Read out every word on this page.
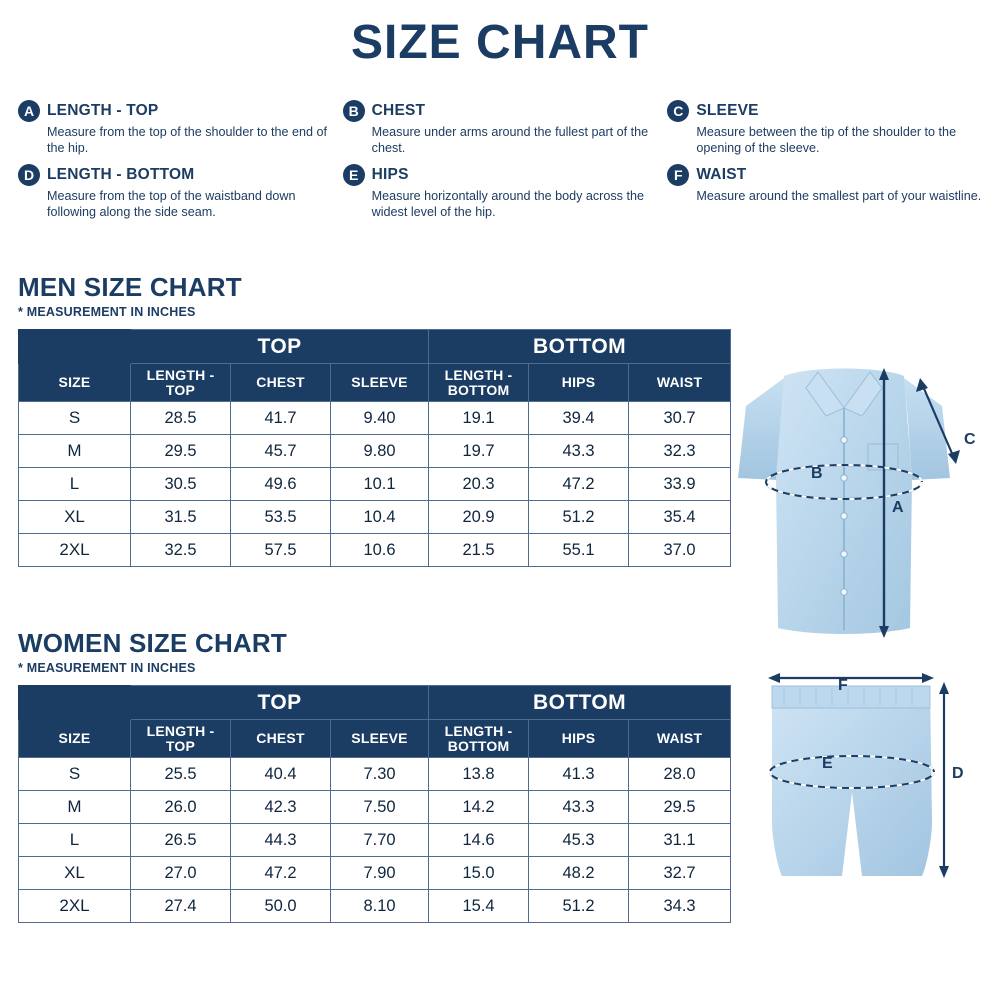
SIZE CHART
A LENGTH - TOP
Measure from the top of the shoulder to the end of the hip.
B CHEST
Measure under arms around the fullest part of the chest.
C SLEEVE
Measure between the tip of the shoulder to the opening of the sleeve.
D LENGTH - BOTTOM
Measure from the top of the waistband down following along the side seam.
E HIPS
Measure horizontally around the body across the widest level of the hip.
F WAIST
Measure around the smallest part of your waistline.
MEN SIZE CHART
* MEASUREMENT IN INCHES
	TOP			BOTTOM		
SIZE	LENGTH - TOP	CHEST	SLEEVE	LENGTH - BOTTOM	HIPS	WAIST
S	28.5	41.7	9.40	19.1	39.4	30.7
M	29.5	45.7	9.80	19.7	43.3	32.3
L	30.5	49.6	10.1	20.3	47.2	33.9
XL	31.5	53.5	10.4	20.9	51.2	35.4
2XL	32.5	57.5	10.6	21.5	55.1	37.0
WOMEN SIZE CHART
* MEASUREMENT IN INCHES
	TOP			BOTTOM		
SIZE	LENGTH - TOP	CHEST	SLEEVE	LENGTH - BOTTOM	HIPS	WAIST
S	25.5	40.4	7.30	13.8	41.3	28.0
M	26.0	42.3	7.50	14.2	43.3	29.5
L	26.5	44.3	7.70	14.6	45.3	31.1
XL	27.0	47.2	7.90	15.0	48.2	32.7
2XL	27.4	50.0	8.10	15.4	51.2	34.3
C
B
A
F
E
D
